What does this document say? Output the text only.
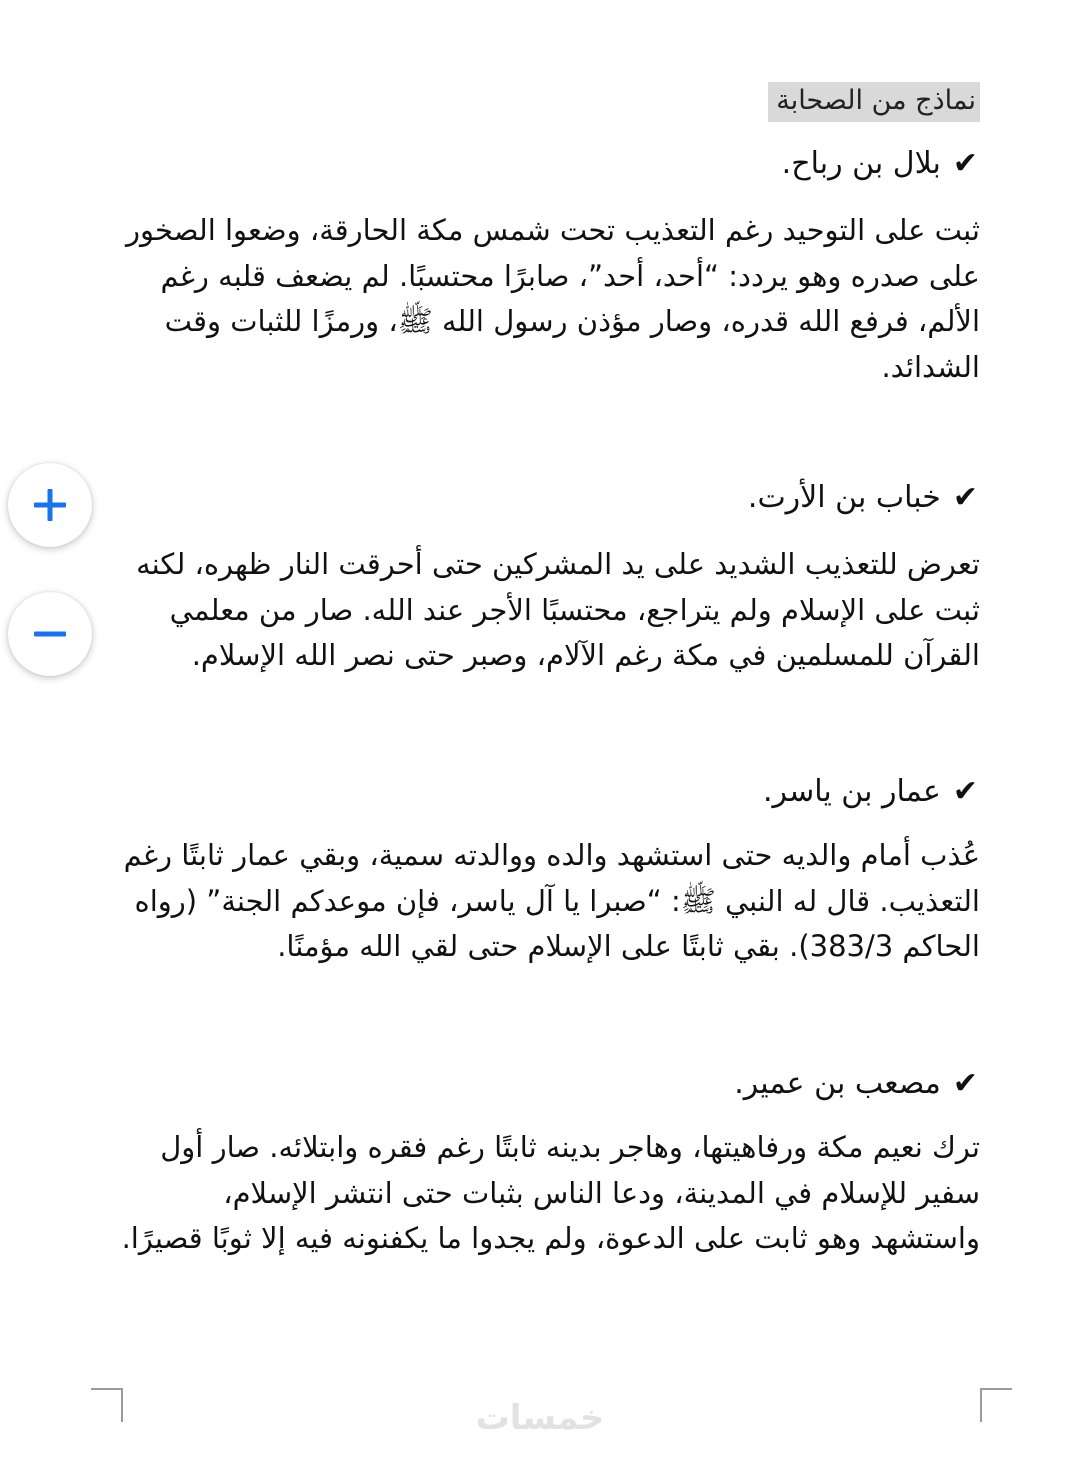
نماذج من الصحابة
✔بلال بن رباح.
ثبت على التوحيد رغم التعذيب تحت شمس مكة الحارقة، وضعوا الصخور على صدره وهو يردد: “أحد، أحد”، صابرًا محتسبًا. لم يضعف قلبه رغم الألم، فرفع الله قدره، وصار مؤذن رسول الله ﷺ، ورمزًا للثبات وقت الشدائد.
✔خباب بن الأرت.
تعرض للتعذيب الشديد على يد المشركين حتى أحرقت النار ظهره، لكنه ثبت على الإسلام ولم يتراجع، محتسبًا الأجر عند الله. صار من معلمي القرآن للمسلمين في مكة رغم الآلام، وصبر حتى نصر الله الإسلام.
✔عمار بن ياسر.
عُذب أمام والديه حتى استشهد والده ووالدته سمية، وبقي عمار ثابتًا رغم التعذيب. قال له النبي ﷺ: “صبرا يا آل ياسر، فإن موعدكم الجنة” (رواه الحاكم 383/3). بقي ثابتًا على الإسلام حتى لقي الله مؤمنًا.
✔مصعب بن عمير.
ترك نعيم مكة ورفاهيتها، وهاجر بدينه ثابتًا رغم فقره وابتلائه. صار أول سفير للإسلام في المدينة، ودعا الناس بثبات حتى انتشر الإسلام، واستشهد وهو ثابت على الدعوة، ولم يجدوا ما يكفنونه فيه إلا ثوبًا قصيرًا.
خمسات
